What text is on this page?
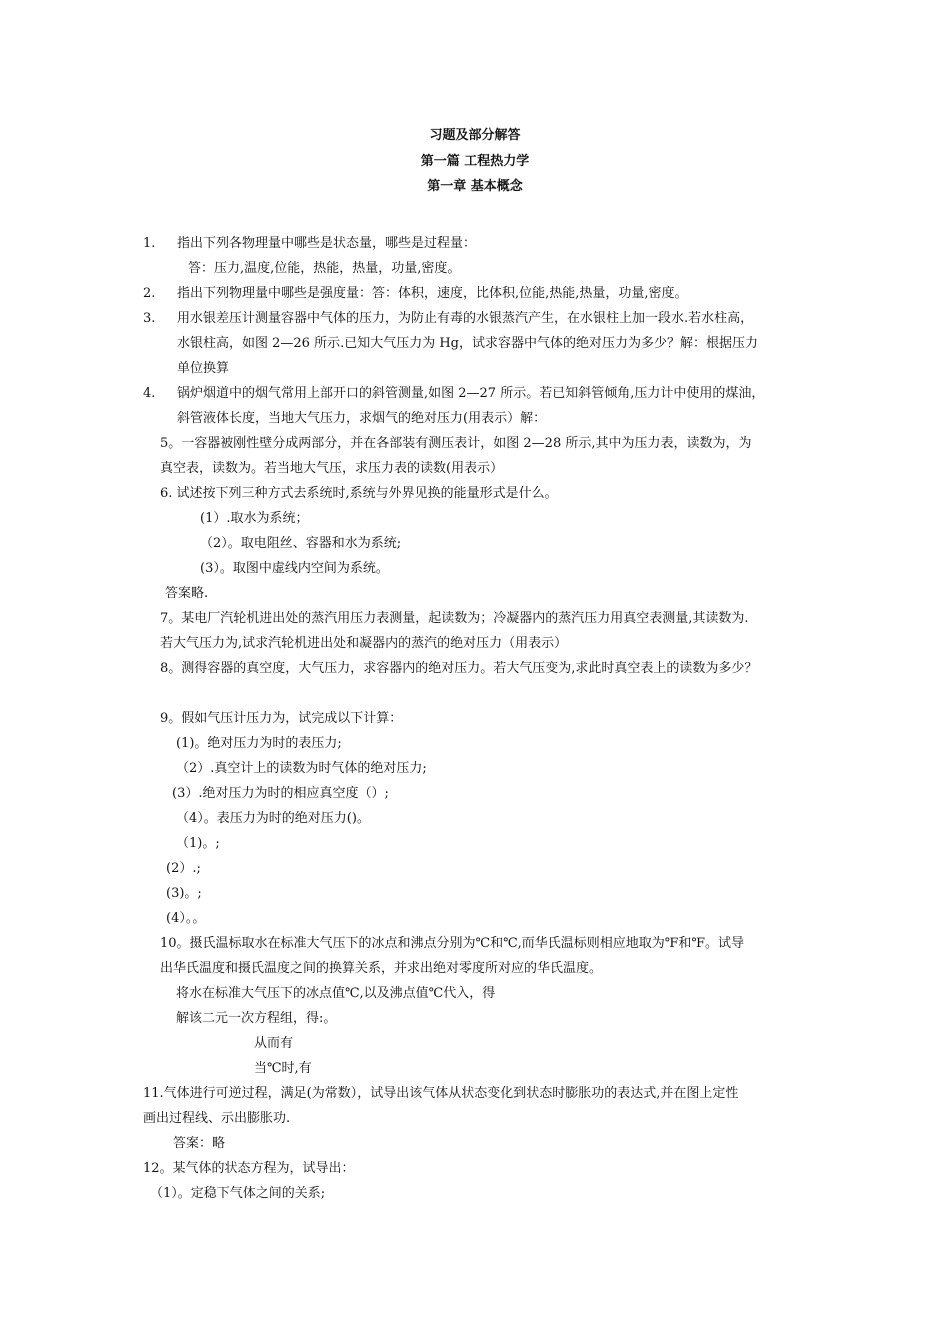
习题及部分解答
第一篇 工程热力学
第一章 基本概念
1. 指出下列各物理量中哪些是状态量，哪些是过程量：
答：压力,温度,位能，热能，热量，功量,密度。
2. 指出下列物理量中哪些是强度量：答：体积，速度，比体积,位能,热能,热量，功量,密度。
3. 用水银差压计测量容器中气体的压力，为防止有毒的水银蒸汽产生，在水银柱上加一段水.若水柱高，
水银柱高，如图 2—26 所示.已知大气压力为 Hg，试求容器中气体的绝对压力为多少？解：根据压力
单位换算
4. 锅炉烟道中的烟气常用上部开口的斜管测量,如图 2—27 所示。若已知斜管倾角,压力计中使用的煤油，
斜管液体长度，当地大气压力，求烟气的绝对压力(用表示）解：
5。一容器被刚性壁分成两部分，并在各部装有测压表计，如图 2—28 所示,其中为压力表，读数为，为
真空表，读数为。若当地大气压，求压力表的读数(用表示）
6. 试述按下列三种方式去系统时,系统与外界见换的能量形式是什么。
(1）.取水为系统；
（2）。取电阻丝、容器和水为系统;
(3）。取图中虚线内空间为系统。
答案略.
7。某电厂汽轮机进出处的蒸汽用压力表测量，起读数为；冷凝器内的蒸汽压力用真空表测量,其读数为.
若大气压力为,试求汽轮机进出处和凝器内的蒸汽的绝对压力（用表示）
8。测得容器的真空度，大气压力，求容器内的绝对压力。若大气压变为,求此时真空表上的读数为多少？
9。假如气压计压力为，试完成以下计算：
(1)。绝对压力为时的表压力;
（2）.真空计上的读数为时气体的绝对压力;
(3）.绝对压力为时的相应真空度（）;
（4）。表压力为时的绝对压力()。
（1)。;
(2）.;
(3)。;
(4）。。
10。摄氏温标取水在标准大气压下的冰点和沸点分别为℃和℃,而华氏温标则相应地取为℉和℉。试导
出华氏温度和摄氏温度之间的换算关系，并求出绝对零度所对应的华氏温度。
将水在标准大气压下的冰点值℃,以及沸点值℃代入，得
解该二元一次方程组，得:。
从而有
当℃时,有
11.气体进行可逆过程，满足(为常数），试导出该气体从状态变化到状态时膨胀功的表达式,并在图上定性
画出过程线、示出膨胀功.
答案：略
12。某气体的状态方程为，试导出：
（1）。定稳下气体之间的关系;
